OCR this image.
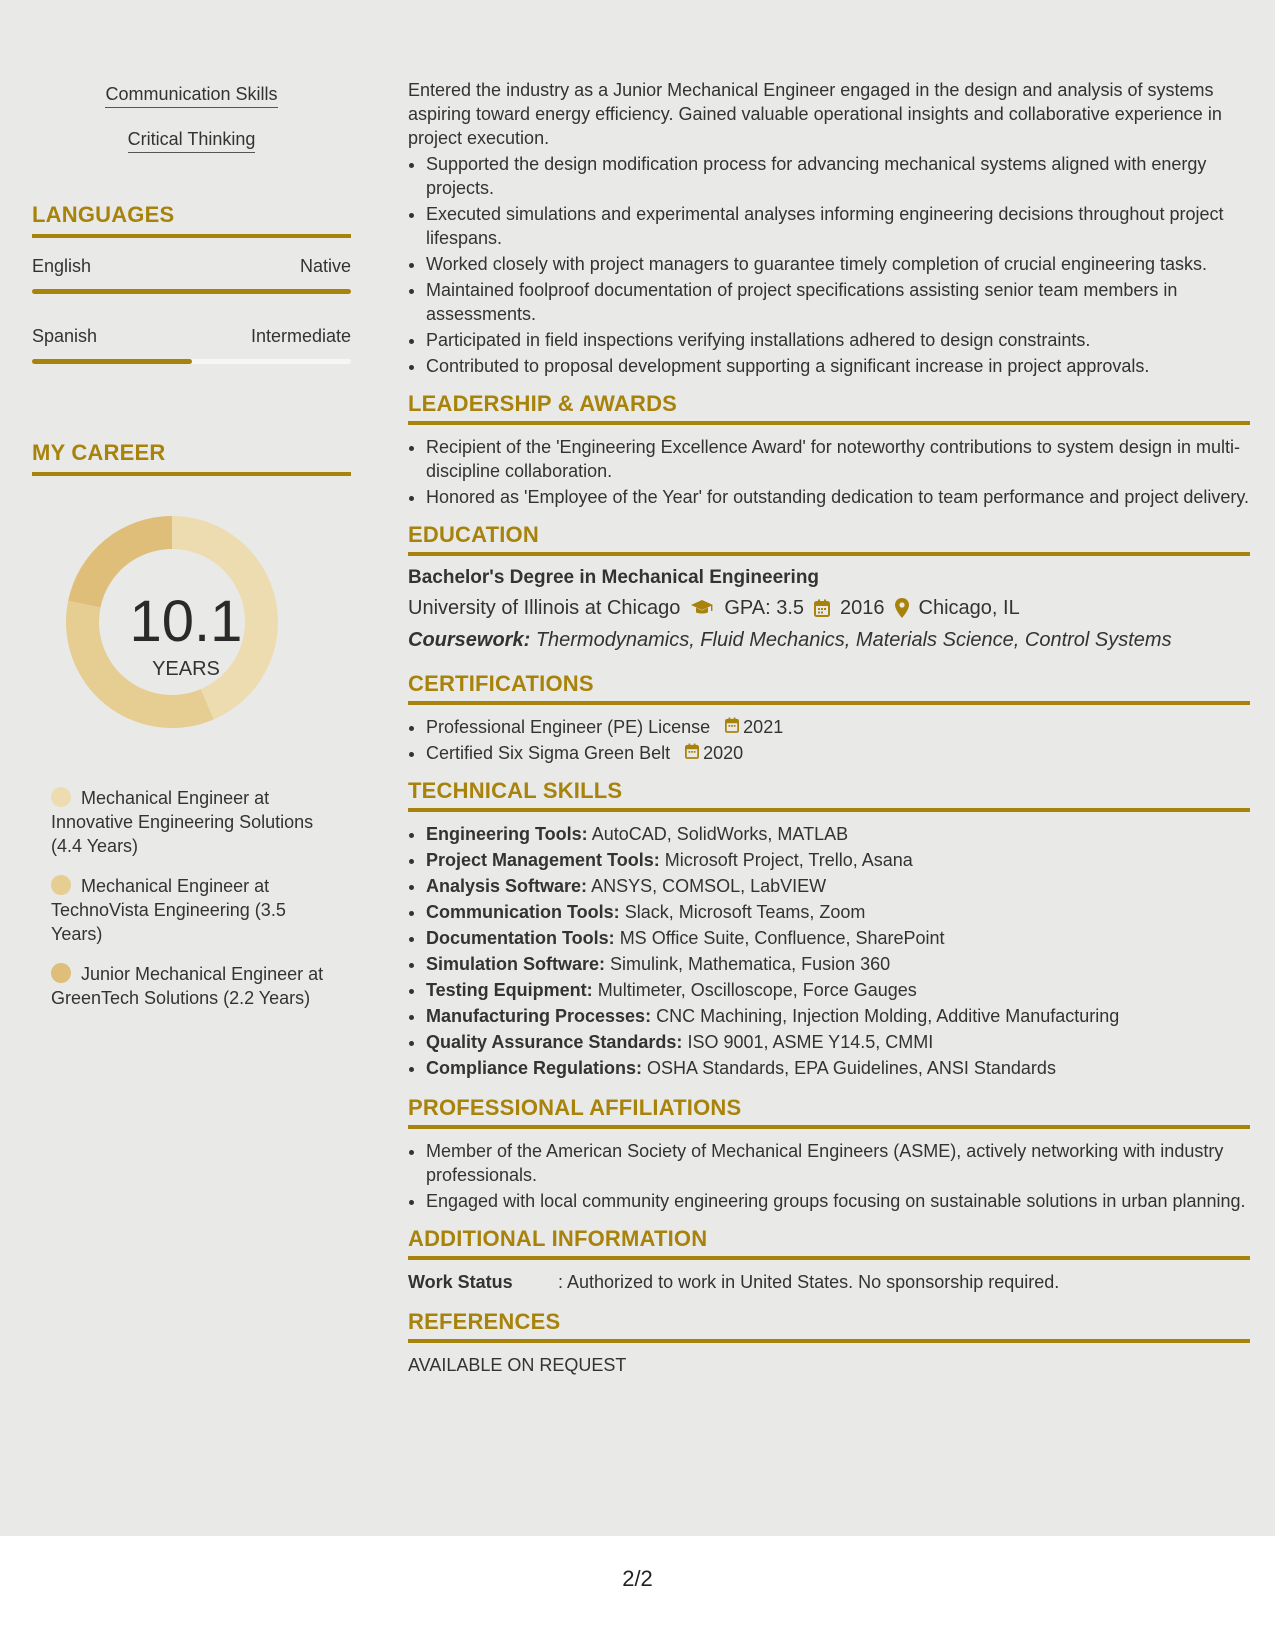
Communication Skills
Critical Thinking
LANGUAGES
English	Native
Spanish	Intermediate
MY CAREER
10.1
YEARS
Mechanical Engineer at Innovative Engineering Solutions (4.4 Years)
Mechanical Engineer at TechnoVista Engineering (3.5 Years)
Junior Mechanical Engineer at GreenTech Solutions (2.2 Years)

Entered the industry as a Junior Mechanical Engineer engaged in the design and analysis of systems aspiring toward energy efficiency. Gained valuable operational insights and collaborative experience in project execution.

• Supported the design modification process for advancing mechanical systems aligned with energy projects.
• Executed simulations and experimental analyses informing engineering decisions throughout project lifespans.
• Worked closely with project managers to guarantee timely completion of crucial engineering tasks.
• Maintained foolproof documentation of project specifications assisting senior team members in assessments.
• Participated in field inspections verifying installations adhered to design constraints.
• Contributed to proposal development supporting a significant increase in project approvals.
LEADERSHIP & AWARDS
• Recipient of the 'Engineering Excellence Award' for noteworthy contributions to system design in multi-discipline collaboration.
• Honored as 'Employee of the Year' for outstanding dedication to team performance and project delivery.
EDUCATION
Bachelor's Degree in Mechanical Engineering
University of Illinois at Chicago GPA: 3.5 2016 Chicago, IL
Coursework: Thermodynamics, Fluid Mechanics, Materials Science, Control Systems
CERTIFICATIONS
• Professional Engineer (PE) License 2021
• Certified Six Sigma Green Belt 2020
TECHNICAL SKILLS
• Engineering Tools: AutoCAD, SolidWorks, MATLAB
• Project Management Tools: Microsoft Project, Trello, Asana
• Analysis Software: ANSYS, COMSOL, LabVIEW
• Communication Tools: Slack, Microsoft Teams, Zoom
• Documentation Tools: MS Office Suite, Confluence, SharePoint
• Simulation Software: Simulink, Mathematica, Fusion 360
• Testing Equipment: Multimeter, Oscilloscope, Force Gauges
• Manufacturing Processes: CNC Machining, Injection Molding, Additive Manufacturing
• Quality Assurance Standards: ISO 9001, ASME Y14.5, CMMI
• Compliance Regulations: OSHA Standards, EPA Guidelines, ANSI Standards
PROFESSIONAL AFFILIATIONS
• Member of the American Society of Mechanical Engineers (ASME), actively networking with industry professionals.
• Engaged with local community engineering groups focusing on sustainable solutions in urban planning.
ADDITIONAL INFORMATION
Work Status	: Authorized to work in United States. No sponsorship required.
REFERENCES
AVAILABLE ON REQUEST
2/2
